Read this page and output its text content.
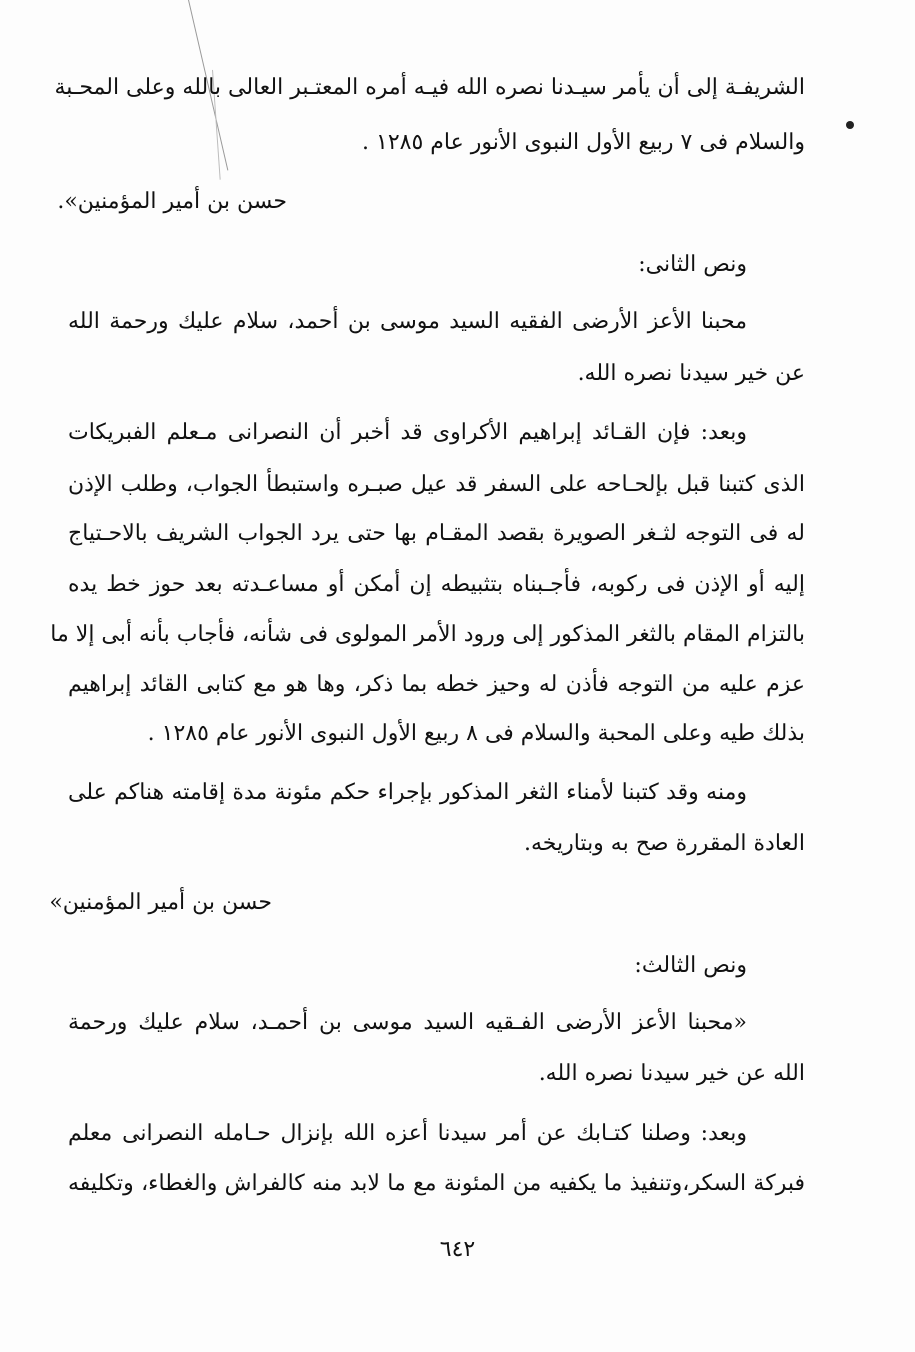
الشريفـة إلى أن يأمر سيـدنا نصره الله فيـه أمره المعتـبر العالى بالله وعلى المحـبة
والسلام فى ٧ ربيع الأول النبوى الأنور عام ١٢٨٥ .
حسن بن أمير المؤمنين».
ونص الثانى:
محبنا الأعز الأرضى الفقيه السيد موسى بن أحمد، سلام عليك ورحمة الله
عن خير سيدنا نصره الله.
وبعد: فإن القـائد إبراهيم الأكراوى قد أخبر أن النصرانى مـعلم الفبريكات
الذى كتبنا قبل بإلحـاحه على السفر قد عيل صبـره واستبطأ الجواب، وطلب الإذن
له فى التوجه لثـغر الصويرة بقصد المقـام بها حتى يرد الجواب الشريف بالاحـتياج
إليه أو الإذن فى ركوبه، فأجـبناه بتثبيطه إن أمكن أو مساعـدته بعد حوز خط يده
بالتزام المقام بالثغر المذكور إلى ورود الأمر المولوى فى شأنه، فأجاب بأنه أبى إلا ما
عزم عليه من التوجه فأذن له وحيز خطه بما ذكر، وها هو مع كتابى القائد إبراهيم
بذلك طيه وعلى المحبة والسلام فى ٨ ربيع الأول النبوى الأنور عام ١٢٨٥ .
ومنه وقد كتبنا لأمناء الثغر المذكور بإجراء حكم مئونة مدة إقامته هناكم على
العادة المقررة صح به وبتاريخه.
حسن بن أمير المؤمنين»
ونص الثالث:
«محبنا الأعز الأرضى الفـقيه السيد موسى بن أحمـد، سلام عليك ورحمة
الله عن خير سيدنا نصره الله.
وبعد: وصلنا كتـابك عن أمر سيدنا أعزه الله بإنزال حـامله النصرانى معلم
فبركة السكر،وتنفيذ ما يكفيه من المئونة مع ما لابد منه كالفراش والغطاء، وتكليفه
٦٤٢
